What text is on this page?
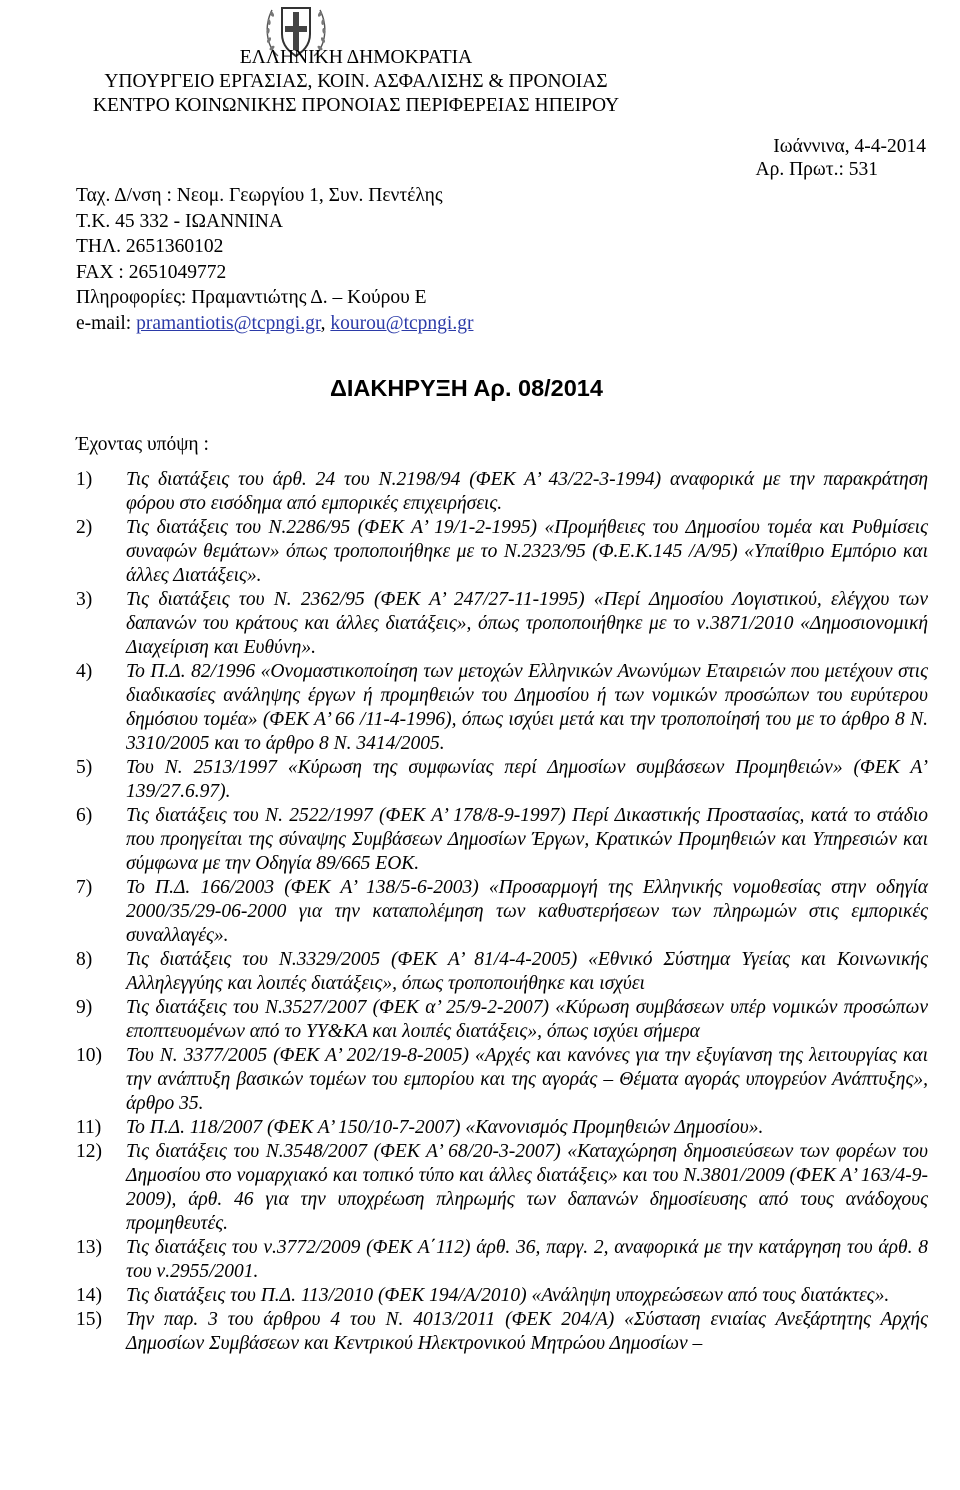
ΕΛΛΗΝΙΚΗ ΔΗΜΟΚΡΑΤΙΑ
ΥΠΟΥΡΓΕΙΟ ΕΡΓΑΣΙΑΣ, ΚΟΙΝ. ΑΣΦΑΛΙΣΗΣ & ΠΡΟΝΟΙΑΣ
ΚΕΝΤΡΟ ΚΟΙΝΩΝΙΚΗΣ ΠΡΟΝΟΙΑΣ ΠΕΡΙΦΕΡΕΙΑΣ ΗΠΕΙΡΟΥ
Ιωάννινα, 4-4-2014
Αρ. Πρωτ.: 531
Ταχ. Δ/νση : Νεομ. Γεωργίου 1, Συν. Πεντέλης
Τ.Κ. 45 332 - ΙΩΑΝΝΙΝΑ
ΤΗΛ. 2651360102
FAX : 2651049772
Πληροφορίες: Πραμαντιώτης Δ. – Κούρου Ε
e-mail: pramantiotis@tcpngi.gr, kourou@tcpngi.gr
ΔΙΑΚΗΡΥΞΗ Αρ. 08/2014
Έχοντας υπόψη :
1)	Τις διατάξεις του άρθ. 24 του Ν.2198/94 (ΦΕΚ Α’ 43/22-3-1994) αναφορικά με την παρακράτηση φόρου στο εισόδημα από εμπορικές επιχειρήσεις.
2)	Τις διατάξεις του Ν.2286/95 (ΦΕΚ Α’ 19/1-2-1995) «Προμήθειες του Δημοσίου τομέα και Ρυθμίσεις συναφών θεμάτων» όπως τροποποιήθηκε με το Ν.2323/95 (Φ.Ε.Κ.145 /Α/95) «Υπαίθριο Εμπόριο και άλλες Διατάξεις».
3)	Τις διατάξεις του Ν. 2362/95 (ΦΕΚ Α’ 247/27-11-1995) «Περί Δημοσίου Λογιστικού, ελέγχου των δαπανών του κράτους και άλλες διατάξεις», όπως τροποποιήθηκε με το ν.3871/2010 «Δημοσιονομική Διαχείριση και Ευθύνη».
4)	Το Π.Δ. 82/1996 «Ονομαστικοποίηση των μετοχών Ελληνικών Ανωνύμων Εταιρειών που μετέχουν στις διαδικασίες ανάληψης έργων ή προμηθειών του Δημοσίου ή των νομικών προσώπων του ευρύτερου δημόσιου τομέα» (ΦΕΚ Α’ 66 /11-4-1996), όπως ισχύει μετά και την τροποποίησή του με το άρθρο 8 Ν. 3310/2005 και το άρθρο 8 Ν. 3414/2005.
5)	Του Ν. 2513/1997 «Κύρωση της συμφωνίας περί Δημοσίων συμβάσεων Προμηθειών» (ΦΕΚ Α’ 139/27.6.97).
6)	Τις διατάξεις του Ν. 2522/1997 (ΦΕΚ Α’ 178/8-9-1997) Περί Δικαστικής Προστασίας, κατά το στάδιο που προηγείται της σύναψης Συμβάσεων Δημοσίων Έργων, Κρατικών Προμηθειών και Υπηρεσιών και σύμφωνα με την Οδηγία 89/665 ΕΟΚ.
7)	Το Π.Δ. 166/2003 (ΦΕΚ Α’ 138/5-6-2003) «Προσαρμογή της Ελληνικής νομοθεσίας στην οδηγία 2000/35/29-06-2000 για την καταπολέμηση των καθυστερήσεων των πληρωμών στις εμπορικές συναλλαγές».
8)	Τις διατάξεις του Ν.3329/2005 (ΦΕΚ Α’ 81/4-4-2005) «Εθνικό Σύστημα Υγείας και Κοινωνικής Αλληλεγγύης και λοιπές διατάξεις», όπως τροποποιήθηκε και ισχύει
9)	Τις διατάξεις του Ν.3527/2007 (ΦΕΚ α’ 25/9-2-2007) «Κύρωση συμβάσεων υπέρ νομικών προσώπων εποπτευομένων από το ΥΥ&ΚΑ και λοιπές διατάξεις», όπως ισχύει σήμερα
10)	Του Ν. 3377/2005 (ΦΕΚ Α’ 202/19-8-2005) «Αρχές και κανόνες για την εξυγίανση της λειτουργίας και την ανάπτυξη βασικών τομέων του εμπορίου και της αγοράς – Θέματα αγοράς υπογρεύον Ανάπτυξης», άρθρο 35.
11)	Το Π.Δ. 118/2007 (ΦΕΚ Α’ 150/10-7-2007) «Κανονισμός Προμηθειών Δημοσίου».
12)	Τις διατάξεις του Ν.3548/2007 (ΦΕΚ Α’ 68/20-3-2007) «Καταχώρηση δημοσιεύσεων των φορέων του Δημοσίου στο νομαρχιακό και τοπικό τύπο και άλλες διατάξεις» και του Ν.3801/2009 (ΦΕΚ Α’ 163/4-9-2009), άρθ. 46 για την υποχρέωση πληρωμής των δαπανών δημοσίευσης από τους ανάδοχους προμηθευτές.
13)	Τις διατάξεις του ν.3772/2009 (ΦΕΚ Α΄112) άρθ. 36, παργ. 2, αναφορικά με την κατάργηση του άρθ. 8 του ν.2955/2001.
14)	Τις διατάξεις του Π.Δ. 113/2010 (ΦΕΚ 194/Α/2010) «Ανάληψη υποχρεώσεων από τους διατάκτες».
15)	Την παρ. 3 του άρθρου 4 του Ν. 4013/2011 (ΦΕΚ 204/Α) «Σύσταση ενιαίας Ανεξάρτητης Αρχής Δημοσίων Συμβάσεων και Κεντρικού Ηλεκτρονικού Μητρώου Δημοσίων –
